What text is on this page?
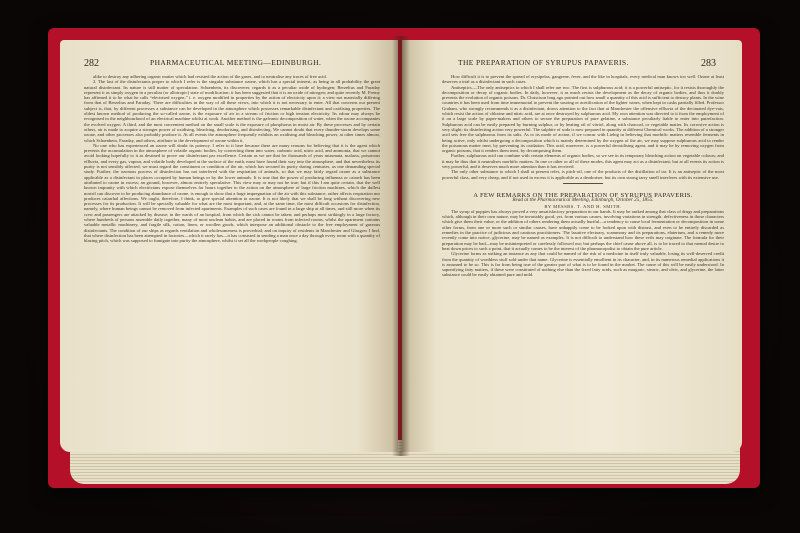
282	PHARMACEUTICAL MEETING—EDINBURGH.

alike to destroy any adhering organic matter which had resisted the action of the gases, and to neutralise any traces of free acid.

2. The last of the disinfectants proper to which I refer is the singular substance ozone, which has a special interest, as being in all probability the great natural disinfectant. Its nature is still matter of speculation. Schœnbein, its discoverer, regards it as a peculiar oxide of hydrogen; Berzelius and Faraday represent it as simply oxygen in a peculiar (or allotropic) state of modification; it has been suggested that it is an oxide of nitrogen; and quite recently M. Fremy has affirmed it to be what he calls “electrised oxygen,” i. e. oxygen modified in properties by the action of electricity upon it; a view not materially differing from that of Berzelius and Faraday. There are difficulties in the way of all these views, into which it is not necessary to enter. All that concerns our present subject is, that, by different processes a substance can be developed in the atmosphere which possesses remarkable disinfectant and oxidising properties. The oldest known method of producing the so-called ozone, is the exposure of air to a stream of friction or high tension electricity. Its odour may always be recognised in the neighbourhood of an electrical machine whilst at work. Another method is the galvanic decomposition of water, when the ozone accompanies the evolved oxygen. A third, and the most convenient method on the small scale is the exposure of phosphorus in moist air. By these processes and by certain others, air is made to acquire a stronger power of oxidising, bleaching, deodorising, and disinfecting. We cannot doubt that every thunder-storm develops some ozone, and other processes also probably produce it. At all events the atmosphere frequently exhibits an oxidising and bleaching power, at other times almost, which Schœnbein, Faraday, and others, attribute to the development of ozone within it.

No one who has experienced an ozone will doubt its potency. I refer to it here because there are many reasons for believing that it is the agent which prevents the accumulation in the atmosphere of volatile organic bodies, by converting them into water, carbonic acid, nitric acid, and ammonia, that we cannot avoid looking hopefully to it as destined to prove our disinfectant par excellence. Certain as we are that for thousands of years miasmata, malaria, poisonous effluvia, and every gas, vapour, and volatile body developed at the surface of the earth, must have found their way into the atmosphere, and that nevertheless its purity is not sensibly affected, we must regard the constituent or condition of the air, which has secured its purity during centuries, as one demanding special study. Further, the ozonous process of disinfection has not interfered with the respiration of animals, so that we may fairly regard ozone as a substance applicable as a disinfectant in places occupied by human beings or by the lower animals. It is true that the power of producing influenza or catarrh has been attributed to ozone in excess; an ground, however, almost entirely speculative. This view may or may not be true; but if this I am quite certain, that the well known impunity with which electricians expose themselves for hours together to the action on the atmosphere of large friction machines, which the dullest nostril can discover to be producing abundance of ozone, is enough to show that a large impregnation of the air with this substance, rather affects respiration nor produces catarrhal affections. We ought, therefore, I think, to give special attention to ozone. It is not likely that we shall be long without discovering new processes for its production. It will be specially valuable for what are the most important, and, at the same time, the most difficult occasions for disinfection, namely, where human beings cannot be removed from infected apartments. Examples of such cases are found in a large ship at all times, and still more when its crew and passengers are attacked by disease; in the wards of an hospital, from which the sick cannot be taken; and perhaps most strikingly in a large factory, where hundreds of persons assemble daily together, many of most unclean habits, and are placed in rooms from infected rooms, whilst the apartment contains valuable metallic machinery, and fragile silk, cotton, linen, or woollen goods, which interpose an additional obstacle to the free employment of gaseous disinfectants. The condition of our ships as regards ventilation and wholesomeness is proverbial; and on inquiry of residents in Manchester and Glasgow I find, that where disinfection has been attempted in factories—which it rarely has—it has consisted in sending a man once a day through every room with a quantity of blazing pitch, which was supposed to fumigate into purity the atmosphere, whilst it set all the workpeople coughing.

THE PREPARATION OF SYRUPUS PAPAVERIS.	283

How difficult it is to prevent the spread of erysipelas, gangrene, fever, and the like in hospitals, every medical man knows too well. Ozone at least deserves a trial as a disinfectant in such cases.

Antiseptics.—The only antiseptics to which I shall refer are two. The first is sulphurous acid; it is a powerful antiseptic, for it resists thoroughly the decomposition or decay of organic bodies. In daily, however, it as much resists the development as the decay of organic bodies, and thus it doubly prevents the evolution of organic poisons. Dr. Christison long ago pointed out how small a quantity of this acid is sufficient to destroy plants. In the wine countries it has been used from time immemorial to prevent the souring or acetification of the lighter wines, when kept in casks partially filled. Professor Graham, who strongly recommends it as a disinfectant, draws attention to the fact that at Manchester the offensive effluvia of the decimated dye-vats, which resist the action of chlorine and nitric acid, are at once destroyed by sulphurous acid. My own attention was directed to it from the employment of it on a large scale by paper-makers and others to secure the preparation of pure gelatine, a substance peculiarly liable to enter into putrefaction. Sulphurous acid can be easily prepared by burning sulphur, or by heating oil of vitriol, along with charcoal, or vegetable matter. Its corrosive action is very slight; its disinfecting action very powerful. The sulphite of soda is now prepared in quantity at different Chemical works. The addition of a stronger acid sets free the sulphurous from its salts. As to its mode of action, if we concur with Liebig in believing that morbific matters resemble ferments in being active, only whilst undergoing a decomposition which is mainly determined by the oxygen of the air, we may suppose sulphurous acid to render the poisonous matter inert, by preventing its oxidation. This acid, moreover, is a powerful deoxidising agent, and it may be by removing oxygen from organic poisons, that it renders them inert, by decomposing them.

Further, sulphurous acid can combine with certain elements of organic bodies, so we see in its temporary bleaching action on vegetable colours; and it may be thus that it neutralises morbific matters. In one or other or all of these modes, this agent may act as a disinfectant; but at all events its action is very powerful, and it deserves much more attention than it has received.

The only other substance to which I shall at present refer, is pitch-oil, one of the products of the distillation of tar. It is an antiseptic of the most powerful class, and very cheap, and if not used in excess it is applicable as a deodoriser, but its own strong tarry smell interferes with its extensive use.

A FEW REMARKS ON THE PREPARATION OF SYRUPUS PAPAVERIS.

Read at the Pharmaceutical Meeting, Edinburgh, October 25, 1855.

BY MESSRS. T. AND H. SMITH.

The syrup of poppies has always proved a very unsatisfactory preparation in our hands. It may be ranked among that class of drugs and preparations which, although in their own nature, may be invariably good, yet, from various causes, involving variations in strength, defectiveness in those characters which give them their value, or the addition of others rendering them actually hurtful—a tendency to cause local fermentation or decomposition in some other forms, from one or more such or similar causes, have unhappily come to be looked upon with distrust, and even to be entirely discarded as remedies in the practice of judicious and cautious practitioners. The laxative electuary, scammony and its preparations, elaterium, and a remedy more recently come into notice, glycerine, may be named as examples. It is not difficult to understand how these evils may originate. The formula for their preparation may be bad—may be misinterpreted or carelessly followed out; but perhaps the chief cause above all, is to be traced to that mental desire to beat down prices to such a point, that it actually comes to be the interest of the pharmacopolist to obtain the pure article.

Glycerine forms as striking an instance as any that could be named of the risk of a medicine in itself truly valuable, losing its well-deserved credit from the quantity of worthless stuff sold under that name. Glycerine is essentially emollient in its character, and, in its numerous remedial applications it is assumed to be so. This is far from being true of the greater part of what is to be found in the market. The cause of this will be easily understood. In saponifying fatty matters, if these were constituted of nothing else than the fixed fatty acids, such as margaric, stearic, and oleic, and glycerine, the latter substance could be easily obtained pure and mild.
